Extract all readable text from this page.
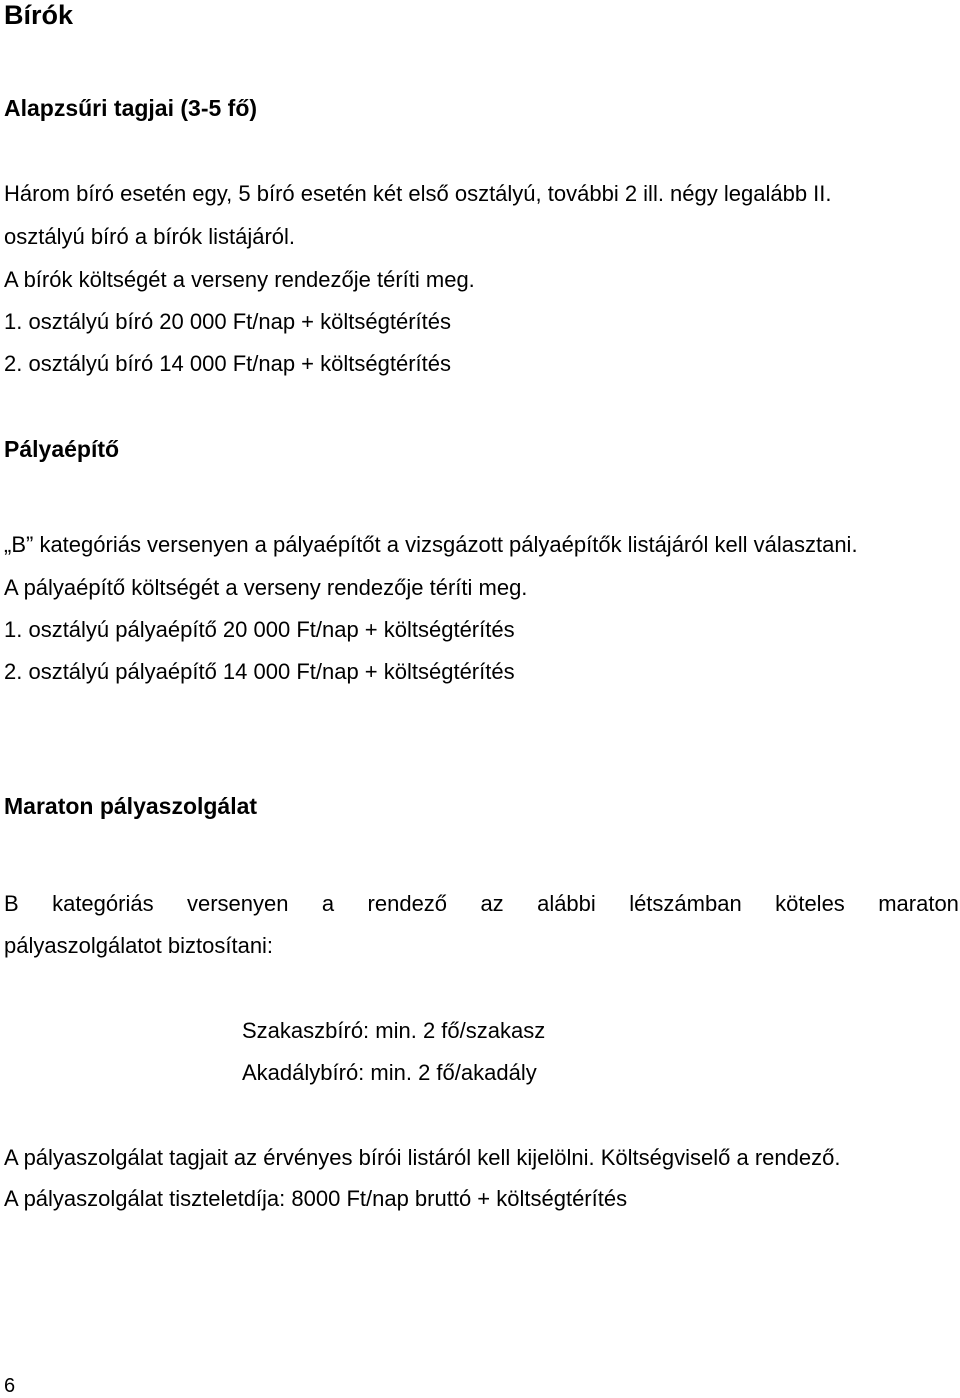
Bírók
Alapzsűri tagjai (3-5 fő)

Három bíró esetén egy, 5 bíró esetén két első osztályú, további 2 ill. négy legalább II.

osztályú bíró a bírók listájáról.

A bírók költségét a verseny rendezője téríti meg.

1. osztályú bíró 20 000 Ft/nap + költségtérítés

2. osztályú bíró 14 000 Ft/nap + költségtérítés

Pályaépítő

„B” kategóriás versenyen a pályaépítőt a vizsgázott pályaépítők listájáról kell választani.

A pályaépítő költségét a verseny rendezője téríti meg.

1. osztályú pályaépítő 20 000 Ft/nap + költségtérítés

2. osztályú pályaépítő 14 000 Ft/nap + költségtérítés

Maraton pályaszolgálat
B kategóriás versenyen a rendező az alábbi létszámban köteles maraton

pályaszolgálatot biztosítani:

Szakaszbíró: min. 2 fő/szakasz

Akadálybíró: min. 2 fő/akadály

A pályaszolgálat tagjait az érvényes bírói listáról kell kijelölni. Költségviselő a rendező.

A pályaszolgálat tiszteletdíja: 8000 Ft/nap bruttó + költségtérítés

6
